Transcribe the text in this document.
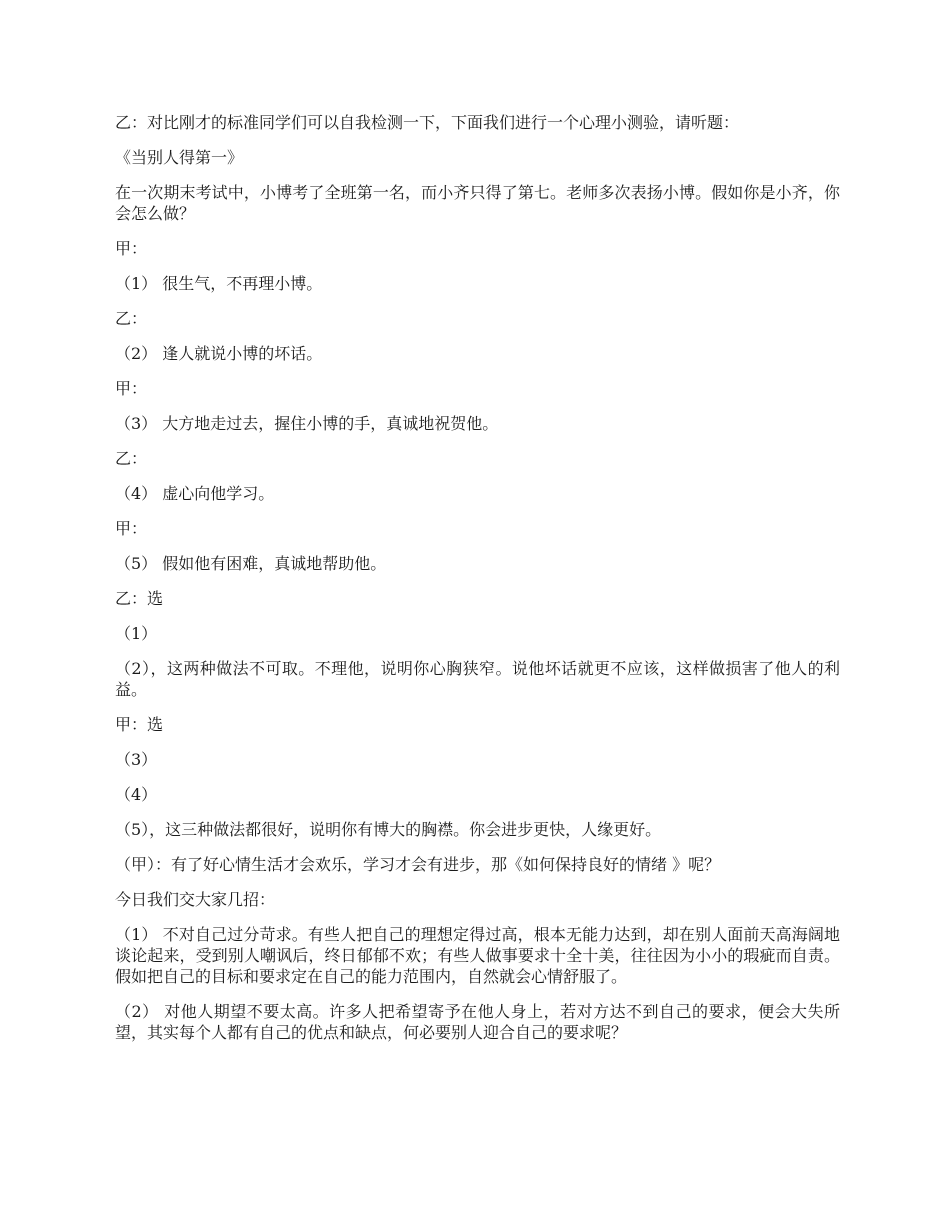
乙：对比刚才的标准同学们可以自我检测一下，下面我们进行一个心理小测验，请听题：

《当别人得第一》

在一次期末考试中，小博考了全班第一名，而小齐只得了第七。老师多次表扬小博。假如你是小齐，你会怎么做？

甲：

（1） 很生气，不再理小博。

乙：

（2） 逢人就说小博的坏话。

甲：

（3） 大方地走过去，握住小博的手，真诚地祝贺他。

乙：

（4） 虚心向他学习。

甲：

（5） 假如他有困难，真诚地帮助他。

乙：选

（1）

（2），这两种做法不可取。不理他，说明你心胸狭窄。说他坏话就更不应该，这样做损害了他人的利益。

甲：选

（3）

（4）

（5），这三种做法都很好，说明你有博大的胸襟。你会进步更快，人缘更好。

（甲）：有了好心情生活才会欢乐，学习才会有进步，那《如何保持良好的情绪 》呢？

今日我们交大家几招：

（1） 不对自己过分苛求。有些人把自己的理想定得过高，根本无能力达到，却在别人面前天高海阔地谈论起来，受到别人嘲讽后，终日郁郁不欢；有些人做事要求十全十美，往往因为小小的瑕疵而自责。假如把自己的目标和要求定在自己的能力范围内，自然就会心情舒服了。

（2） 对他人期望不要太高。许多人把希望寄予在他人身上，若对方达不到自己的要求，便会大失所望，其实每个人都有自己的优点和缺点，何必要别人迎合自己的要求呢？
